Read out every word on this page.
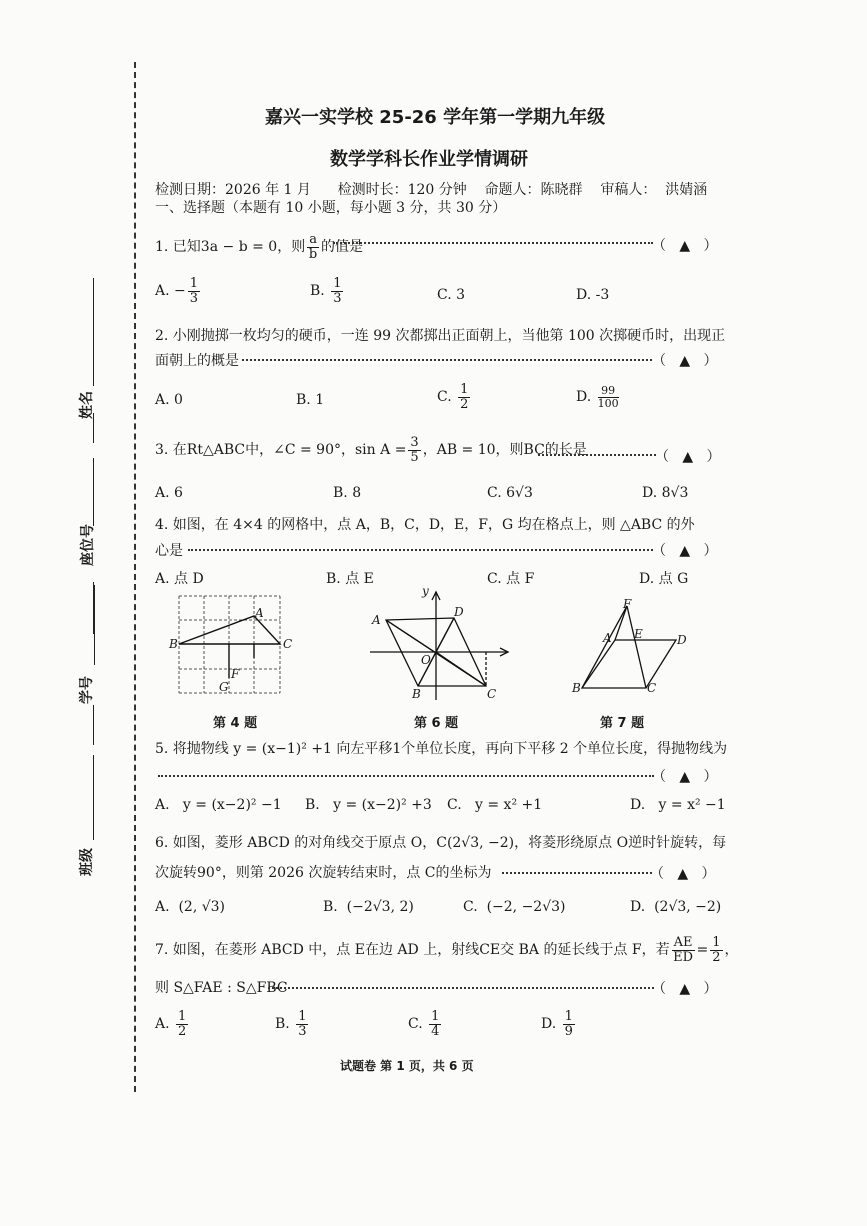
姓名
座位号
学号
班级
嘉兴一实学校 25-26 学年第一学期九年级
数学学科长作业学情调研
检测日期：2026 年 1 月      检测时长：120 分钟    命题人：陈晓群    审稿人：  洪婧涵
一、选择题（本题有 10 小题，每小题 3 分，共 30 分）
1. 已知3a − b = 0，则 $\frac{a}{b}$ 的值是	（   ▲   ）
A. − $\frac{1}{3}$	B. $\frac{1}{3}$	C. 3	D. -3
2. 小刚抛掷一枚均匀的硬币，一连 99 次都掷出正面朝上，当他第 100 次掷硬币时，出现正
面朝上的概是	（   ▲   ）
A. 0	B. 1	C. $\frac{1}{2}$	D. $\frac{99}{100}$
3. 在Rt△ABC中，∠C = 90°，$\sin A = \frac{3}{5}$ ，AB = 10，则BC的长是	（   ▲   ）
A. 6	B. 8	C. 6√3	D. 8√3
4. 如图，在 4×4 的网格中，点 A，B，C，D，E，F，G 均在格点上，则 △ABC 的外
心是	（   ▲   ）
A. 点 D	B. 点 E	C. 点 F	D. 点 G
A
B	C
F
G
第 4 题
y
A
D
O
B	C
第 6 题
F
A E	D
B	C
第 7 题
5. 将抛物线 y = (x−1)² +1 向左平移1个单位长度，再向下平移 2 个单位长度，得抛物线为
（   ▲   ）
A.   y = (x−2)² −1 B.   y = (x−2)² +3 C.   y = x² +1	D.   y = x² −1
6. 如图，菱形 ABCD 的对角线交于原点 O，C(2√3, −2)，将菱形绕原点 O逆时针旋转，每
次旋转90°，则第 2026 次旋转结束时，点 C的坐标为	（   ▲   ）
A.  (2, √3)	B.  (−2√3, 2)	C.  (−2, −2√3)	D.  (2√3, −2)
7. 如图，在菱形 ABCD 中，点 E在边 AD 上，射线CE交 BA 的延长线于点 F，若 $\frac{AE}{ED} = \frac{1}{2}$ ，
则 S△FAE : S△FBC	（   ▲   ）
A. $\frac{1}{2}$	B. $\frac{1}{3}$	C. $\frac{1}{4}$	D. $\frac{1}{9}$
试题卷 第 1 页，共 6 页
